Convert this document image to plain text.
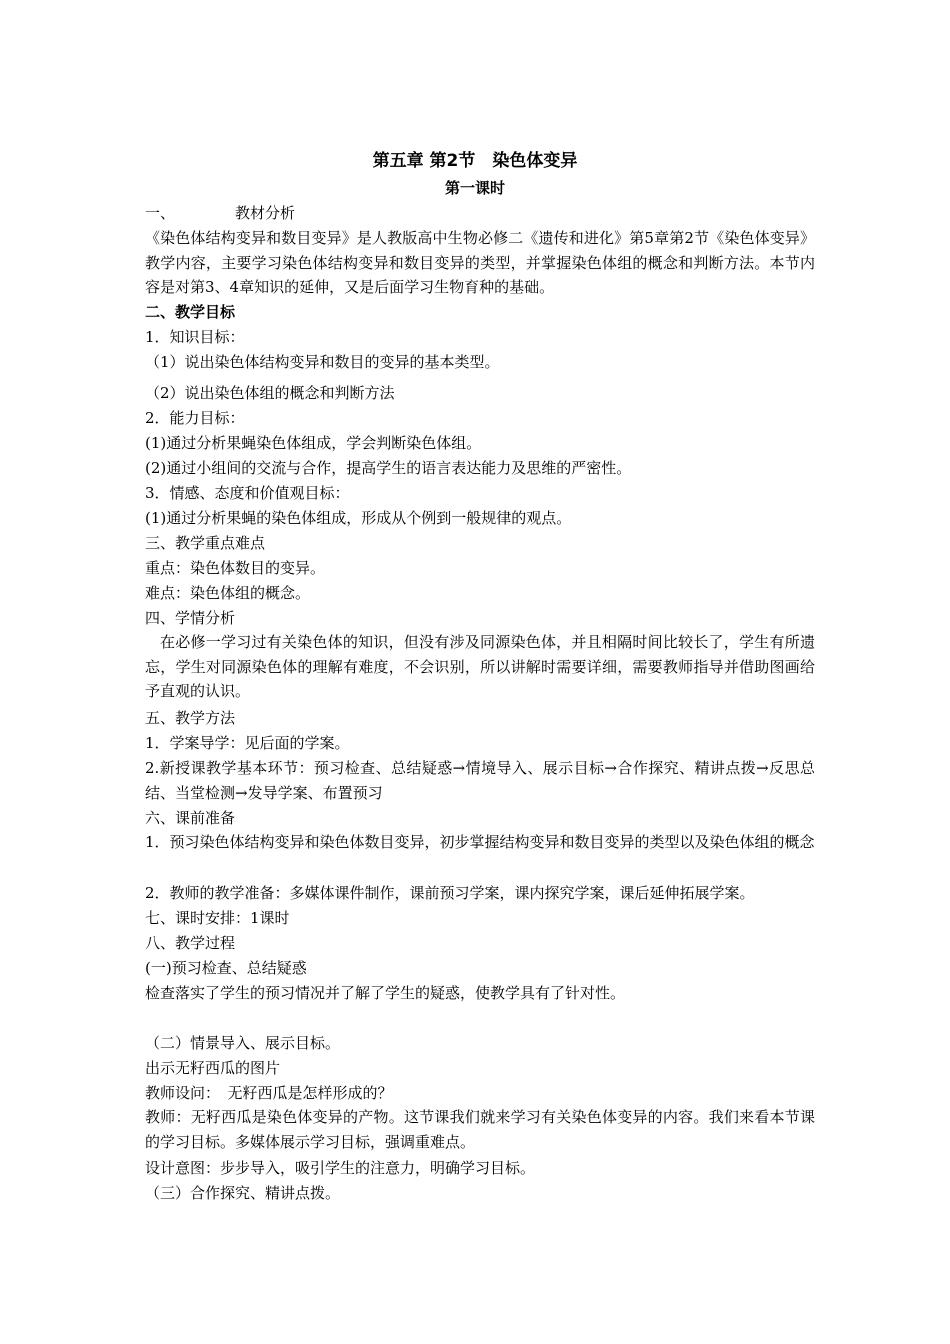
第五章 第2节　染色体变异
第一课时
一、	教材分析
《染色体结构变异和数目变异》是人教版高中生物必修二《遗传和进化》第5章第2节《染色体变异》教学内容，主要学习染色体结构变异和数目变异的类型，并掌握染色体组的概念和判断方法。本节内容是对第3、4章知识的延伸，又是后面学习生物育种的基础。
二、教学目标
1．知识目标：
（1）说出染色体结构变异和数目的变异的基本类型。
（2）说出染色体组的概念和判断方法
2．能力目标：
(1)通过分析果蝇染色体组成，学会判断染色体组。
(2)通过小组间的交流与合作，提高学生的语言表达能力及思维的严密性。
3．情感、态度和价值观目标：
(1)通过分析果蝇的染色体组成，形成从个例到一般规律的观点。
三、教学重点难点
重点：染色体数目的变异。
难点：染色体组的概念。
四、学情分析
在必修一学习过有关染色体的知识，但没有涉及同源染色体，并且相隔时间比较长了，学生有所遗忘，学生对同源染色体的理解有难度，不会识别，所以讲解时需要详细，需要教师指导并借助图画给予直观的认识。
五、教学方法
1．学案导学：见后面的学案。
2.新授课教学基本环节：预习检查、总结疑惑→情境导入、展示目标→合作探究、精讲点拨→反思总结、当堂检测→发导学案、布置预习
六、课前准备
1．预习染色体结构变异和染色体数目变异，初步掌握结构变异和数目变异的类型以及染色体组的概念
2．教师的教学准备：多媒体课件制作，课前预习学案，课内探究学案，课后延伸拓展学案。
七、课时安排：1课时
八、教学过程
(一)预习检查、总结疑惑
检查落实了学生的预习情况并了解了学生的疑惑，使教学具有了针对性。
（二）情景导入、展示目标。
出示无籽西瓜的图片
教师设问：　无籽西瓜是怎样形成的？
教师：无籽西瓜是染色体变异的产物。这节课我们就来学习有关染色体变异的内容。我们来看本节课的学习目标。多媒体展示学习目标，强调重难点。
设计意图：步步导入，吸引学生的注意力，明确学习目标。
（三）合作探究、精讲点拨。
